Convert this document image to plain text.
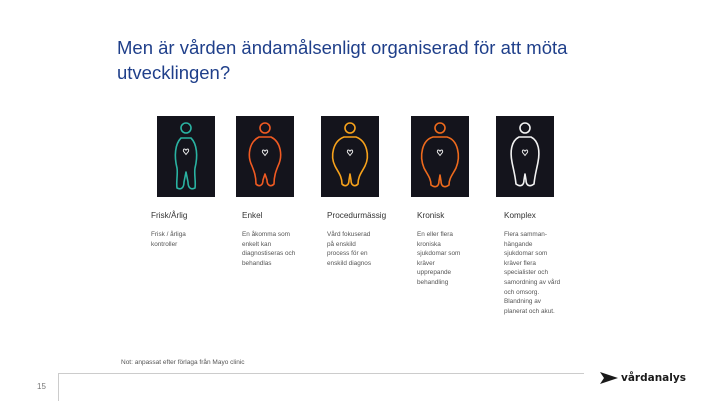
Men är vården ändamålsenligt organiserad för att möta utvecklingen?
Frisk/Årlig
Frisk / årliga kontroller
Enkel
En åkomma som enkelt kan diagnostiseras och behandlas
Procedurmässig
Vård fokuserad på enskild process för en enskild diagnos
Kronisk
En eller flera kroniska sjukdomar som kräver upprepande behandling
Komplex
Flera samman-hängande sjukdomar som kräver flera specialister och samordning av vård och omsorg. Blandning av planerat och akut.
Not: anpassat efter förlaga från Mayo clinic
15
vårdanalys
